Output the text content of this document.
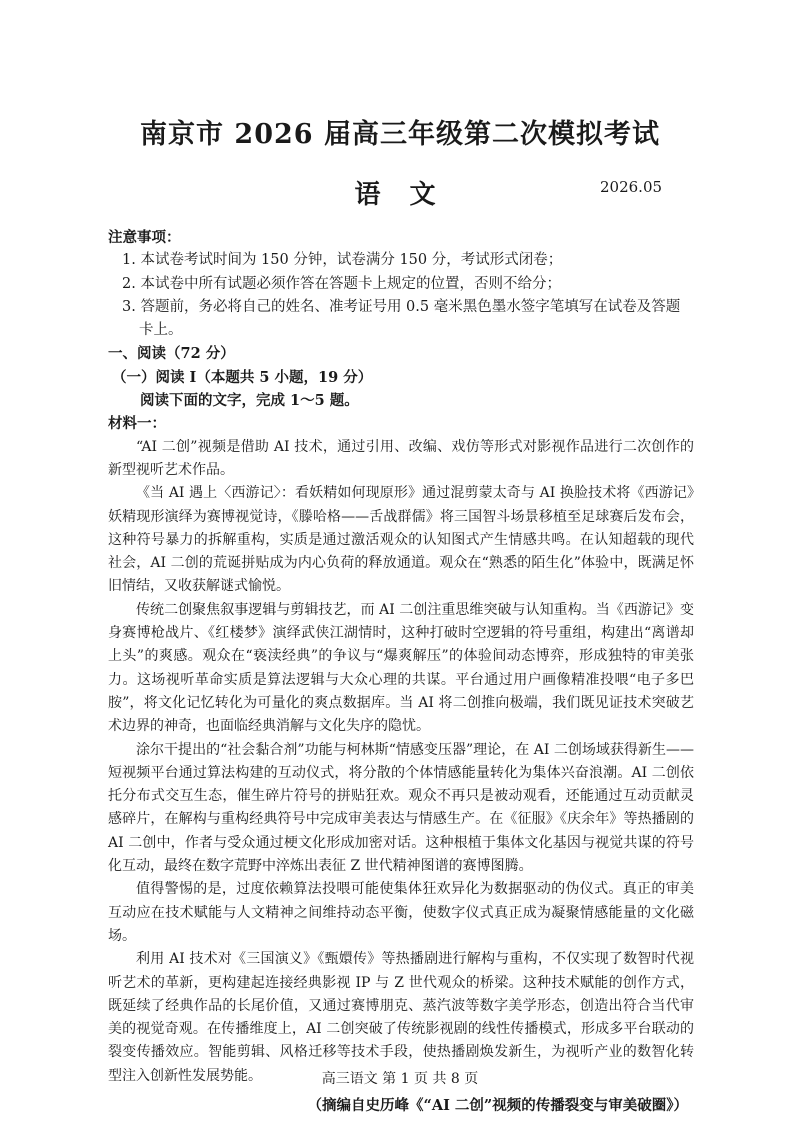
南京市 2026 届高三年级第二次模拟考试
语 文	2026.05

注意事项：

1. 本试卷考试时间为 150 分钟，试卷满分 150 分，考试形式闭卷；

2. 本试卷中所有试题必须作答在答题卡上规定的位置，否则不给分；

3. 答题前，务必将自己的姓名、准考证号用 0.5 毫米黑色墨水签字笔填写在试卷及答题卡上。

一、阅读（72 分）

（一）阅读 Ⅰ（本题共 5 小题，19 分）

阅读下面的文字，完成 1～5 题。

材料一：

“AI 二创”视频是借助 AI 技术，通过引用、改编、戏仿等形式对影视作品进行二次创作的新型视听艺术作品。

《当 AI 遇上〈西游记〉：看妖精如何现原形》通过混剪蒙太奇与 AI 换脸技术将《西游记》妖精现形演绎为赛博视觉诗，《滕哈格——舌战群儒》将三国智斗场景移植至足球赛后发布会，这种符号暴力的拆解重构，实质是通过激活观众的认知图式产生情感共鸣。在认知超载的现代社会，AI 二创的荒诞拼贴成为内心负荷的释放通道。观众在“熟悉的陌生化”体验中，既满足怀旧情结，又收获解谜式愉悦。

传统二创聚焦叙事逻辑与剪辑技艺，而 AI 二创注重思维突破与认知重构。当《西游记》变身赛博枪战片、《红楼梦》演绎武侠江湖情时，这种打破时空逻辑的符号重组，构建出“离谱却上头”的爽感。观众在“亵渎经典”的争议与“爆爽解压”的体验间动态博弈，形成独特的审美张力。这场视听革命实质是算法逻辑与大众心理的共谋。平台通过用户画像精准投喂“电子多巴胺”，将文化记忆转化为可量化的爽点数据库。当 AI 将二创推向极端，我们既见证技术突破艺术边界的神奇，也面临经典消解与文化失序的隐忧。

涂尔干提出的“社会黏合剂”功能与柯林斯“情感变压器”理论，在 AI 二创场域获得新生——短视频平台通过算法构建的互动仪式，将分散的个体情感能量转化为集体兴奋浪潮。AI 二创依托分布式交互生态，催生碎片符号的拼贴狂欢。观众不再只是被动观看，还能通过互动贡献灵感碎片，在解构与重构经典符号中完成审美表达与情感生产。在《征服》《庆余年》等热播剧的 AI 二创中，作者与受众通过梗文化形成加密对话。这种根植于集体文化基因与视觉共谋的符号化互动，最终在数字荒野中淬炼出表征 Z 世代精神图谱的赛博图腾。

值得警惕的是，过度依赖算法投喂可能使集体狂欢异化为数据驱动的伪仪式。真正的审美互动应在技术赋能与人文精神之间维持动态平衡，使数字仪式真正成为凝聚情感能量的文化磁场。

利用 AI 技术对《三国演义》《甄嬛传》等热播剧进行解构与重构，不仅实现了数智时代视听艺术的革新，更构建起连接经典影视 IP 与 Z 世代观众的桥梁。这种技术赋能的创作方式，既延续了经典作品的长尾价值，又通过赛博朋克、蒸汽波等数字美学形态，创造出符合当代审美的视觉奇观。在传播维度上，AI 二创突破了传统影视剧的线性传播模式，形成多平台联动的裂变传播效应。智能剪辑、风格迁移等技术手段，使热播剧焕发新生，为视听产业的数智化转型注入创新性发展势能。

（摘编自史历峰《“AI 二创”视频的传播裂变与审美破圈》）

高三语文 第 1 页 共 8 页
